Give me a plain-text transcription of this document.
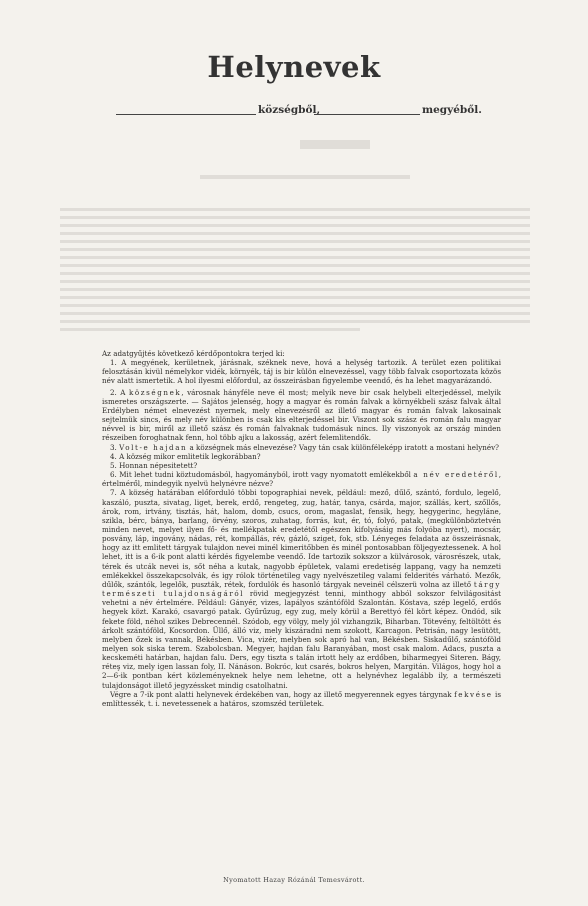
Helynevek
községből,	megyéből.

Az adatgyűjtés következő kérdőpontokra terjed ki:

1. A megyének, kerületnek, járásnak, széknek neve, hová a helység tartozik. A terület ezen politikai felosztásán kivül némelykor vidék, környék, táj is bir külön elnevezéssel, vagy több falvak csoportozata közös név alatt ismertetik. A hol ilyesmi előfordul, az összeirásban figyelembe veendő, és ha lehet magyarázandó.

2. A községnek, városnak hányféle neve él most; melyik neve bir csak helybeli elterjedéssel, melyik ismeretes országszerte. — Sajátos jelenség, hogy a magyar és román falvak a környékbeli szász falvak által Erdélyben német elnevezést nyernek, mely elnevezésről az illető magyar és román falvak lakosainak sejtelmük sincs, és mely név különben is csak kis elterjedéssel bir. Viszont sok szász és román falu magyar névvel is bir, miről az illető szász és román falvaknak tudomásuk nincs. Ily viszonyok az ország minden részeiben foroghatnak fenn, hol több ajku a lakosság, azért felemlitendők.

3. Volt-e hajdan a községnek más elnevezése? Vagy tán csak különféleképp iratott a mostani helynév?

4. A község mikor emlitetik legkorábban?

5. Honnan népesitetett?

6. Mit lehet tudni köztudomásból, hagyományból, irott vagy nyomatott emlékekből a név eredetéről, értelméről, mindegyik nyelvü helynévre nézve?

7. A község határában előforduló többi topographiai nevek, például: mező, dűlő, szántó, fordulo, legelő, kaszáló, puszta, sivatag, liget, berek, erdő, rengeteg, zug, határ, tanya, csárda, major, szállás, kert, szőllős, árok, rom, irtvány, tisztás, hát, halom, domb, csucs, orom, magaslat, fensik, hegy, hegygerinc, hegyláne, szikla, bérc, bánya, barlang, örvény, szoros, zuhatag, forrás, kut, ér, tó, folyó, patak, (megkülönböztetvén minden nevet, melyet ilyen fő- és mellékpatak eredetétől egészen kifolyásáig más folyóba nyert), mocsár, posvány, láp, ingovány, nádas, rét, kompállás, rév, gázló, sziget, fok, stb. Lényeges feladata az összeirásnak, hogy az itt emlitett tárgyak tulajdon nevei minél kimeritőbben és minél pontosabban följegyeztessenek. A hol lehet, itt is a 6-ik pont alatti kérdés figyelembe veendő. Ide tartozik sokszor a külvárosok, városrészek, utak, térek és utcák nevei is, sőt néha a kutak, nagyobb épületek, valami eredetiség lappang, vagy ha nemzeti emlékekkel összekapcsolvák, és igy rólok történetileg vagy nyelvészetileg valami felderités várható. Mezők, dűlők, szántók, legelők, puszták, rétek, fordulók és hasonló tárgyak neveinél célszerü volna az illető tárgy természeti tulajdonságáról rövid megjegyzést tenni, minthogy abból sokszor felvilágositást vehetni a név értelmére. Például: Gányér, vizes, lapályos szántóföld Szalontán. Kóstava, szép legelő, erdős hegyek közt. Karakó, csavargó patak. Gyűrűzug, egy zug, mely körül a Berettyó fél kört képez. Ondód, sik fekete föld, néhol szikes Debrecennél. Szódob, egy völgy, mely jól vizhangzik, Biharban. Tötevény, feltöltött és árkolt szántóföld, Kocsordon. Üllő, álló viz, mely kiszáradni nem szokott, Karcagon. Petrisán, nagy lesütött, melyben őzek is vannak, Békésben. Vica, vizér, melyben sok apró hal van, Békésben. Siskadűlő, szántóföld melyen sok siska terem. Szabolcsban. Megyer, hajdan falu Baranyában, most csak malom. Adacs, puszta a kecskeméti határban, hajdan falu. Ders, egy tiszta s talán irtott hely az erdőben, biharmegyei Siteren. Bágy, réteş viz, mely igen lassan foly, II. Nánáson. Bokróc, kut csarés, bokros helyen, Margitán. Világos, hogy hol a 2—6-ik pontban kért közleményeknek helye nem lehetne, ott a helynévhez legalább ily, a természeti tulajdonságot illető jegyzéssket mindig csatolhatni.

Végre a 7-ik pont alatti helynevek érdekében van, hogy az illető megyerennek egyes tárgynak fekvése is említtessék, t. i. nevetessenek a határos, szomszéd területek.

Nyomatott Hazay Rózánál Temesvárott.
